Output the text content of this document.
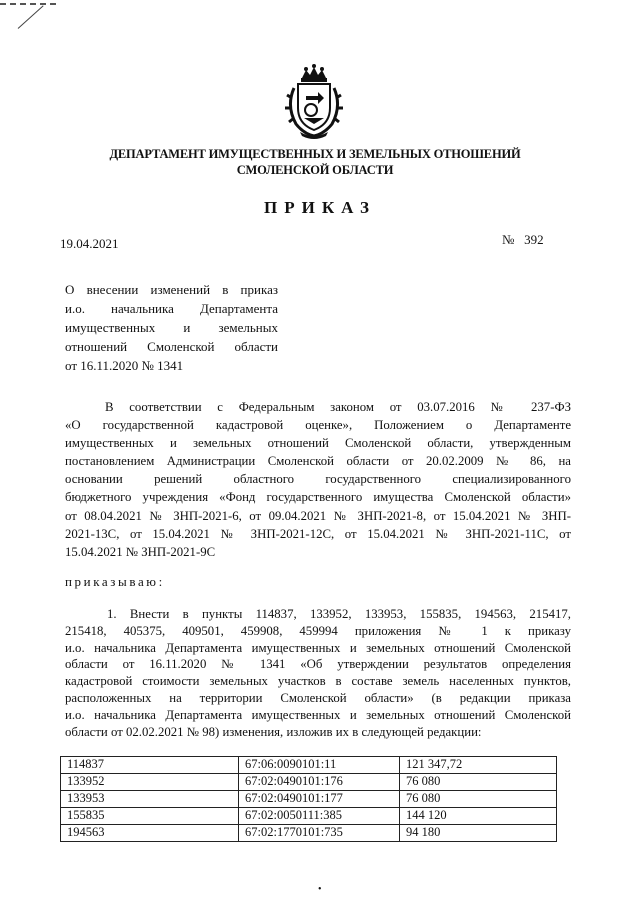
ДЕПАРТАМЕНТ ИМУЩЕСТВЕННЫХ И ЗЕМЕЛЬНЫХ ОТНОШЕНИЙ
СМОЛЕНСКОЙ ОБЛАСТИ
ПРИКАЗ
19.04.2021	№ 392
О внесении изменений в приказ
и.о. начальника Департамента
имущественных и земельных
отношений Смоленской области
от 16.11.2020 № 1341
В соответствии с Федеральным законом от 03.07.2016 № 237-ФЗ
«О государственной кадастровой оценке», Положением о Департаменте
имущественных и земельных отношений Смоленской области, утвержденным
постановлением Администрации Смоленской области от 20.02.2009 № 86, на
основании решений областного государственного специализированного
бюджетного учреждения «Фонд государственного имущества Смоленской области»
от 08.04.2021 № ЗНП-2021-6, от 09.04.2021 № ЗНП-2021-8, от 15.04.2021 № ЗНП-
2021-13С, от 15.04.2021 № ЗНП-2021-12С, от 15.04.2021 № ЗНП-2021-11С, от
15.04.2021 № ЗНП-2021-9С
приказываю:
1. Внести в пункты 114837, 133952, 133953, 155835, 194563, 215417,
215418, 405375, 409501, 459908, 459994 приложения № 1 к приказу
и.о. начальника Департамента имущественных и земельных отношений Смоленской
области от 16.11.2020 № 1341 «Об утверждении результатов определения
кадастровой стоимости земельных участков в составе земель населенных пунктов,
расположенных на территории Смоленской области» (в редакции приказа
и.о. начальника Департамента имущественных и земельных отношений Смоленской
области от 02.02.2021 № 98) изменения, изложив их в следующей редакции:
114837	67:06:0090101:11	121 347,72
133952	67:02:0490101:176	76 080
133953	67:02:0490101:177	76 080
155835	67:02:0050111:385	144 120
194563	67:02:1770101:735	94 180
•
